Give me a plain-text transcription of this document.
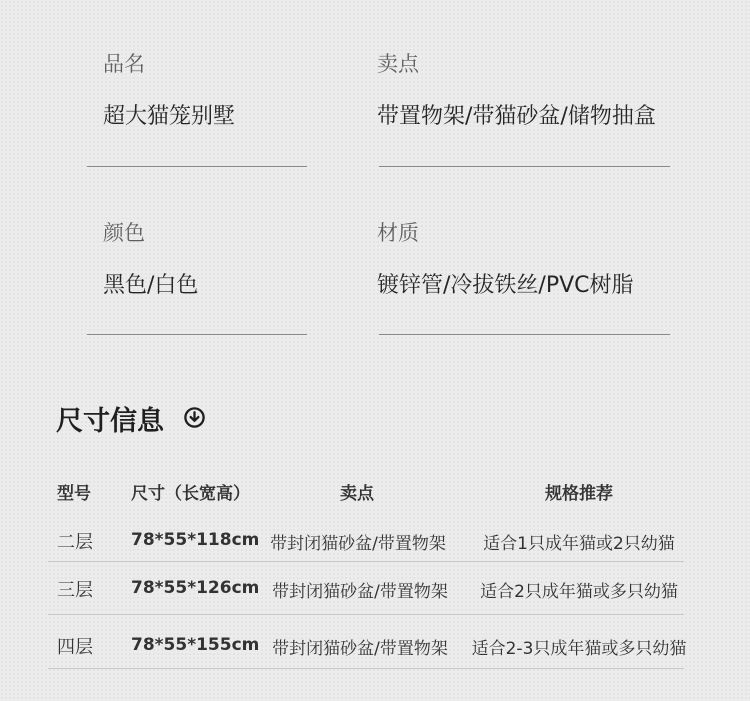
品名
超大猫笼别墅
卖点
带置物架/带猫砂盆/储物抽盒
颜色
黑色/白色
材质
镀锌管/冷拔铁丝/PVC树脂
尺寸信息
型号 尺寸（长宽高）	卖点	规格推荐
二层 78*55*118cm 带封闭猫砂盆/带置物架 适合1只成年猫或2只幼猫
三层 78*55*126cm 带封闭猫砂盆/带置物架 适合2只成年猫或多只幼猫
四层 78*55*155cm 带封闭猫砂盆/带置物架 适合2-3只成年猫或多只幼猫
